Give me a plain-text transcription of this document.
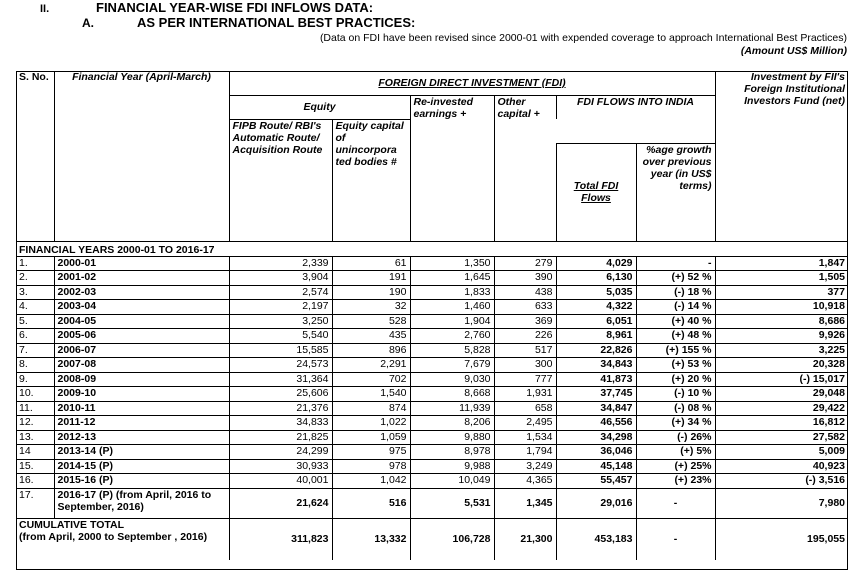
II.	FINANCIAL YEAR-WISE FDI INFLOWS DATA:
A.	AS PER INTERNATIONAL BEST PRACTICES:
(Data on FDI have been revised since 2000-01 with expended coverage to approach International Best Practices)
(Amount US$ Million)
S. No.	Financial Year (April-March)	FOREIGN DIRECT INVESTMENT (FDI)						Investment by FII's Foreign Institutional Investors Fund (net)
		Equity		Re-invested earnings +	Other capital +	FDI FLOWS INTO INDIA		
		FIPB Route/ RBI's Automatic Route/ Acquisition Route	Equity capital of unincorpora ted bodies #					
						Total FDI Flows	%age growth over previous year (in US$ terms)	
FINANCIAL YEARS 2000-01 TO 2016-17								
1.	2000-01	2,339	61	1,350	279	4,029	-	1,847
2.	2001-02	3,904	191	1,645	390	6,130	(+) 52 %	1,505
3.	2002-03	2,574	190	1,833	438	5,035	(-) 18 %	377
4.	2003-04	2,197	32	1,460	633	4,322	(-) 14 %	10,918
5.	2004-05	3,250	528	1,904	369	6,051	(+) 40 %	8,686
6.	2005-06	5,540	435	2,760	226	8,961	(+) 48 %	9,926
7.	2006-07	15,585	896	5,828	517	22,826	(+) 155 %	3,225
8.	2007-08	24,573	2,291	7,679	300	34,843	(+) 53 %	20,328
9.	2008-09	31,364	702	9,030	777	41,873	(+) 20 %	(-) 15,017
10.	2009-10	25,606	1,540	8,668	1,931	37,745	(-) 10 %	29,048
11.	2010-11	21,376	874	11,939	658	34,847	(-) 08 %	29,422
12.	2011-12	34,833	1,022	8,206	2,495	46,556	(+) 34 %	16,812
13.	2012-13	21,825	1,059	9,880	1,534	34,298	(-) 26%	27,582
14	2013-14 (P)	24,299	975	8,978	1,794	36,046	(+) 5%	5,009
15.	2014-15 (P)	30,933	978	9,988	3,249	45,148	(+) 25%	40,923
16.	2015-16 (P)	40,001	1,042	10,049	4,365	55,457	(+) 23%	(-) 3,516
17.	2016-17 (P) (from April, 2016 to September, 2016)	21,624	516	5,531	1,345	29,016	-	7,980

CUMULATIVE TOTAL
(from April, 2000 to September , 2016)		311,823	13,332	106,728	21,300	453,183	-	195,055
